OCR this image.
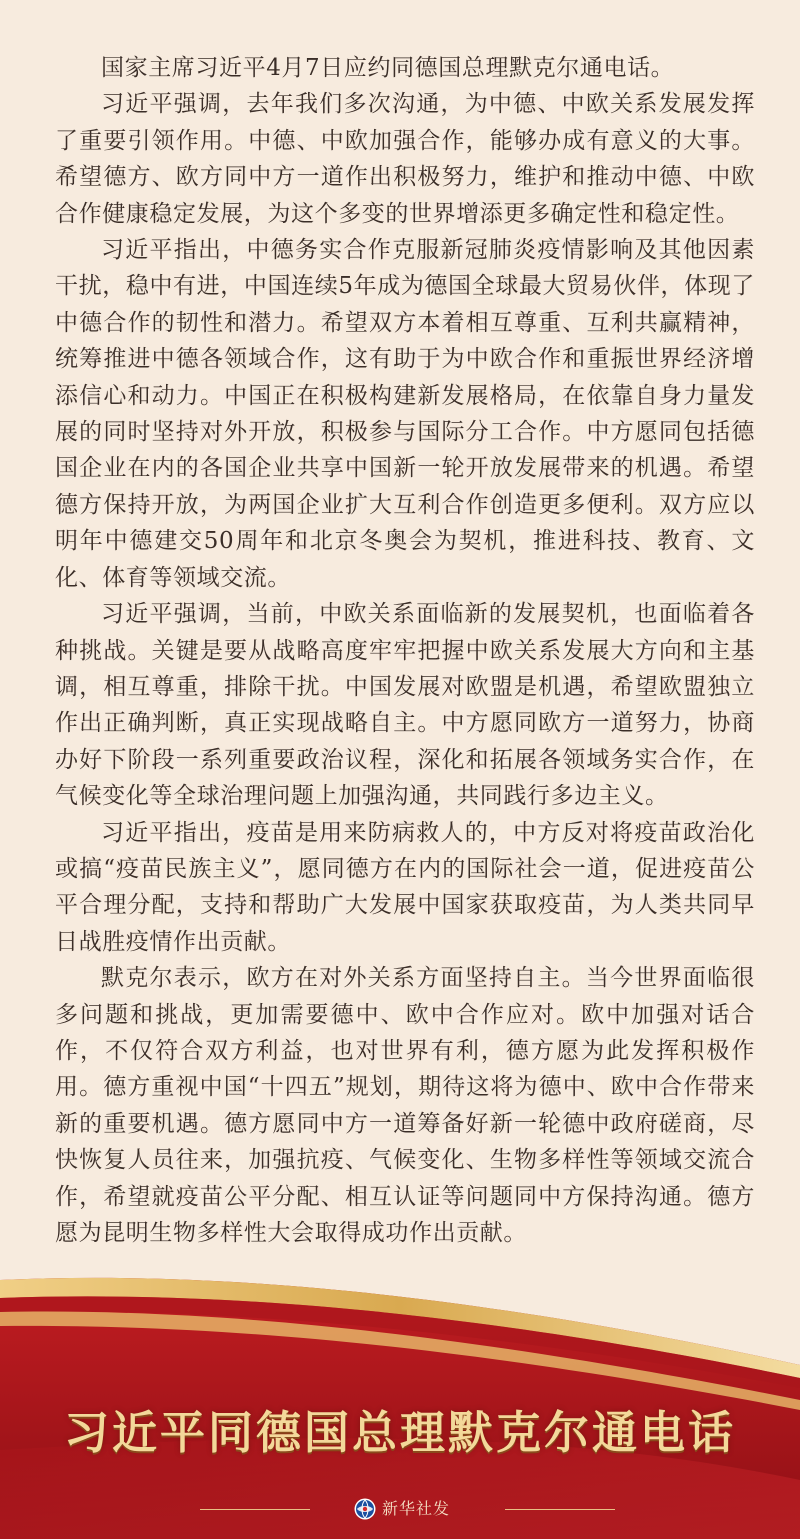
国家主席习近平4月7日应约同德国总理默克尔通电话。

习近平强调，去年我们多次沟通，为中德、中欧关系发展发挥了重要引领作用。中德、中欧加强合作，能够办成有意义的大事。希望德方、欧方同中方一道作出积极努力，维护和推动中德、中欧合作健康稳定发展，为这个多变的世界增添更多确定性和稳定性。

习近平指出，中德务实合作克服新冠肺炎疫情影响及其他因素干扰，稳中有进，中国连续5年成为德国全球最大贸易伙伴，体现了中德合作的韧性和潜力。希望双方本着相互尊重、互利共赢精神，统筹推进中德各领域合作，这有助于为中欧合作和重振世界经济增添信心和动力。中国正在积极构建新发展格局，在依靠自身力量发展的同时坚持对外开放，积极参与国际分工合作。中方愿同包括德国企业在内的各国企业共享中国新一轮开放发展带来的机遇。希望德方保持开放，为两国企业扩大互利合作创造更多便利。双方应以明年中德建交50周年和北京冬奥会为契机，推进科技、教育、文化、体育等领域交流。

习近平强调，当前，中欧关系面临新的发展契机，也面临着各种挑战。关键是要从战略高度牢牢把握中欧关系发展大方向和主基调，相互尊重，排除干扰。中国发展对欧盟是机遇，希望欧盟独立作出正确判断，真正实现战略自主。中方愿同欧方一道努力，协商办好下阶段一系列重要政治议程，深化和拓展各领域务实合作，在气候变化等全球治理问题上加强沟通，共同践行多边主义。

习近平指出，疫苗是用来防病救人的，中方反对将疫苗政治化或搞“疫苗民族主义”，愿同德方在内的国际社会一道，促进疫苗公平合理分配，支持和帮助广大发展中国家获取疫苗，为人类共同早日战胜疫情作出贡献。

默克尔表示，欧方在对外关系方面坚持自主。当今世界面临很多问题和挑战，更加需要德中、欧中合作应对。欧中加强对话合作，不仅符合双方利益，也对世界有利，德方愿为此发挥积极作用。德方重视中国“十四五”规划，期待这将为德中、欧中合作带来新的重要机遇。德方愿同中方一道筹备好新一轮德中政府磋商，尽快恢复人员往来，加强抗疫、气候变化、生物多样性等领域交流合作，希望就疫苗公平分配、相互认证等问题同中方保持沟通。德方愿为昆明生物多样性大会取得成功作出贡献。

习近平同德国总理默克尔通电话
新华社发
